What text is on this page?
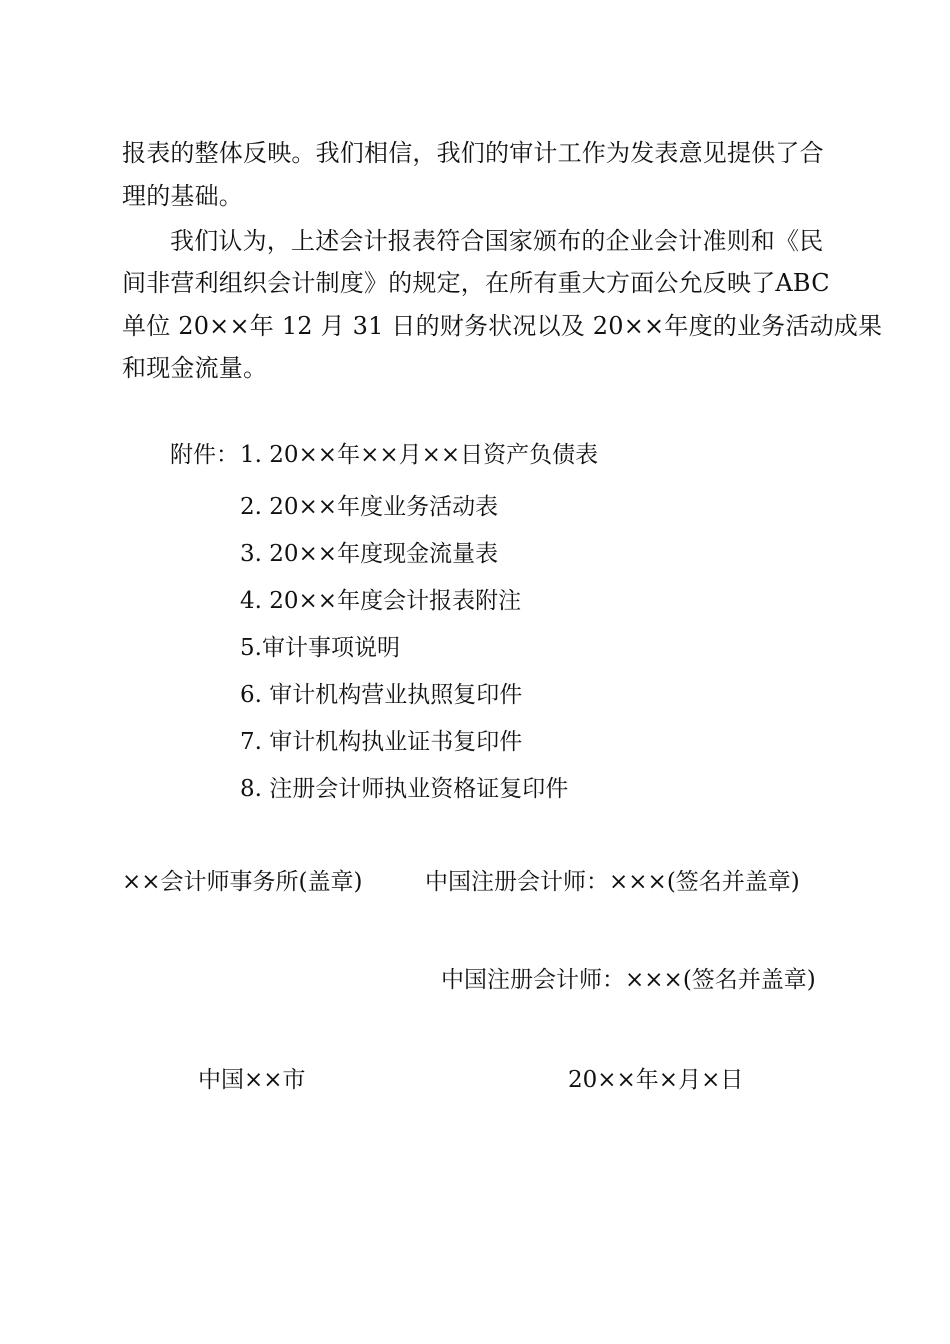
报表的整体反映。我们相信，我们的审计工作为发表意见提供了合
理的基础。
我们认为，上述会计报表符合国家颁布的企业会计准则和《民
间非营利组织会计制度》的规定，在所有重大方面公允反映了ABC
单位 20××年 12 月 31 日的财务状况以及 20××年度的业务活动成果
和现金流量。
附件： 1. 20××年××月××日资产负债表
2. 20××年度业务活动表
3. 20××年度现金流量表
4. 20××年度会计报表附注
5.审计事项说明
6. 审计机构营业执照复印件
7. 审计机构执业证书复印件
8. 注册会计师执业资格证复印件
××会计师事务所(盖章)	中国注册会计师：×××(签名并盖章)
中国注册会计师：×××(签名并盖章)
中国××市	20××年×月×日
